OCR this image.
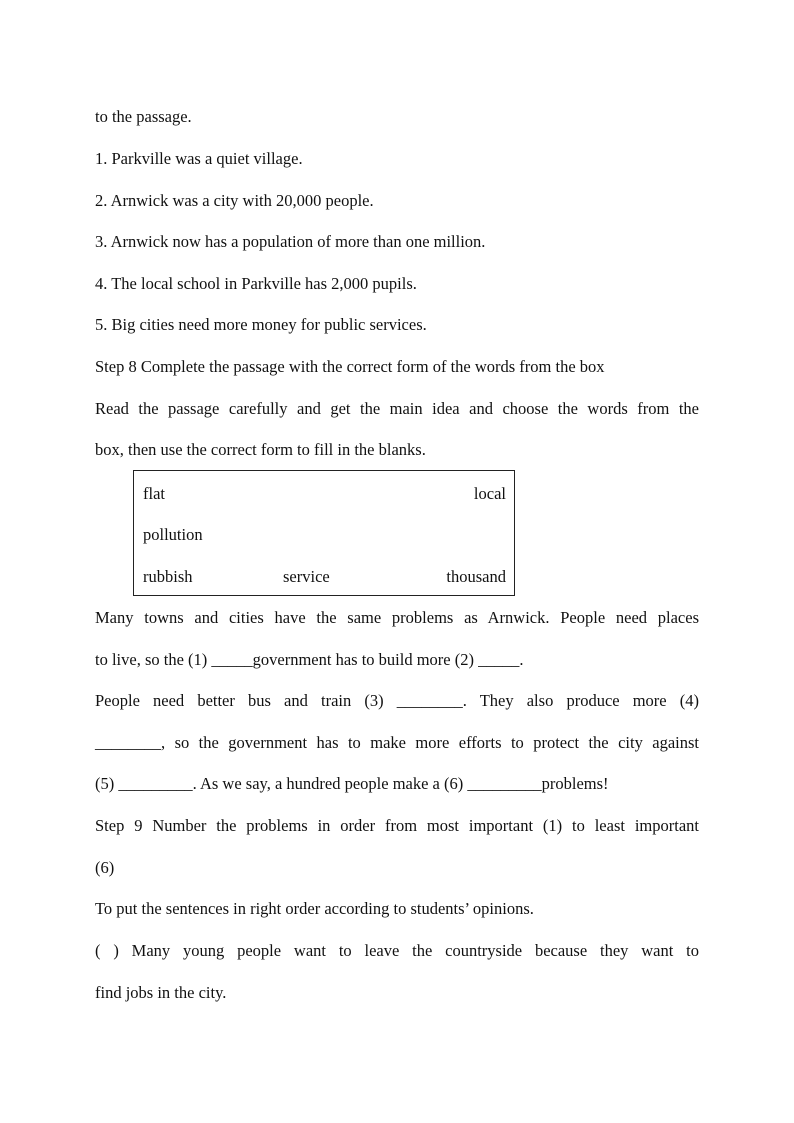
to the passage.
1. Parkville was a quiet village.
2. Arnwick was a city with 20,000 people.
3. Arnwick now has a population of more than one million.
4. The local school in Parkville has 2,000 pupils.
5. Big cities need more money for public services.
Step 8 Complete the passage with the correct form of the words from the box
Read the passage carefully and get the main idea and choose the words from the
box, then use the correct form to fill in the blanks.
flat	local
pollution
rubbish	service	thousand
Many towns and cities have the same problems as Arnwick. People need places
to live, so the (1) _____government has to build more (2) _____.
People need better bus and train (3) ________. They also produce more (4)
________, so the government has to make more efforts to protect the city against
(5) _________. As we say, a hundred people make a (6) _________problems!
Step 9 Number the problems in order from most important (1) to least important
(6)
To put the sentences in right order according to students’ opinions.
( ) Many young people want to leave the countryside because they want to
find jobs in the city.
